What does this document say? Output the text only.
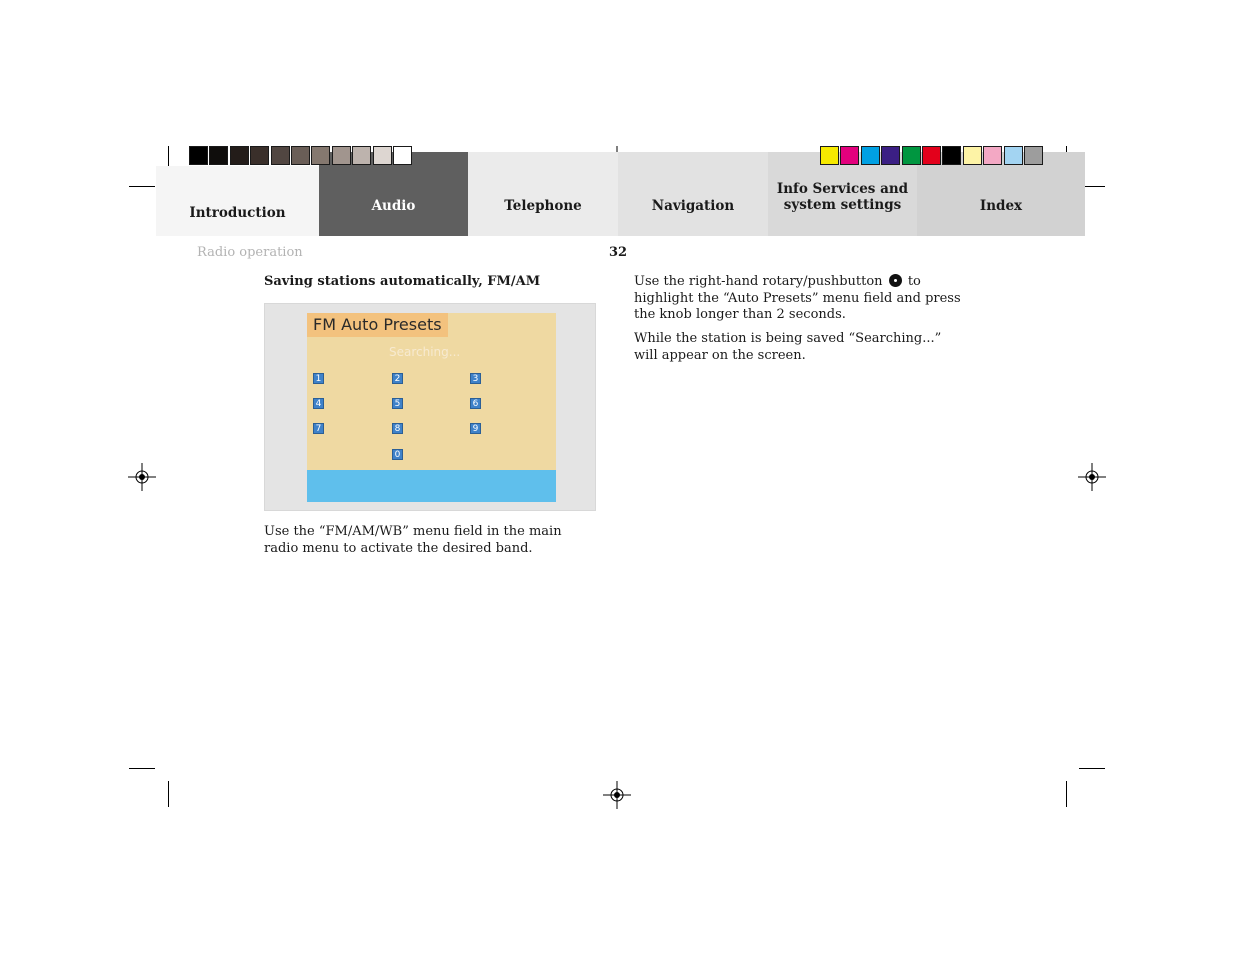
Introduction	Audio	Telephone	Navigation
Info Services and
system settings	Index
Radio operation	32
Saving stations automatically, FM/AM
FM Auto Presets
Searching...
1	2	3
4	5	6
7	8	9
0
Use the “FM/AM/WB” menu field in the main radio menu to activate the desired band.
Use the right-hand rotary/pushbutton to highlight the “Auto Presets” menu field and press the knob longer than 2 seconds.
While the station is being saved “Searching...” will appear on the screen.
